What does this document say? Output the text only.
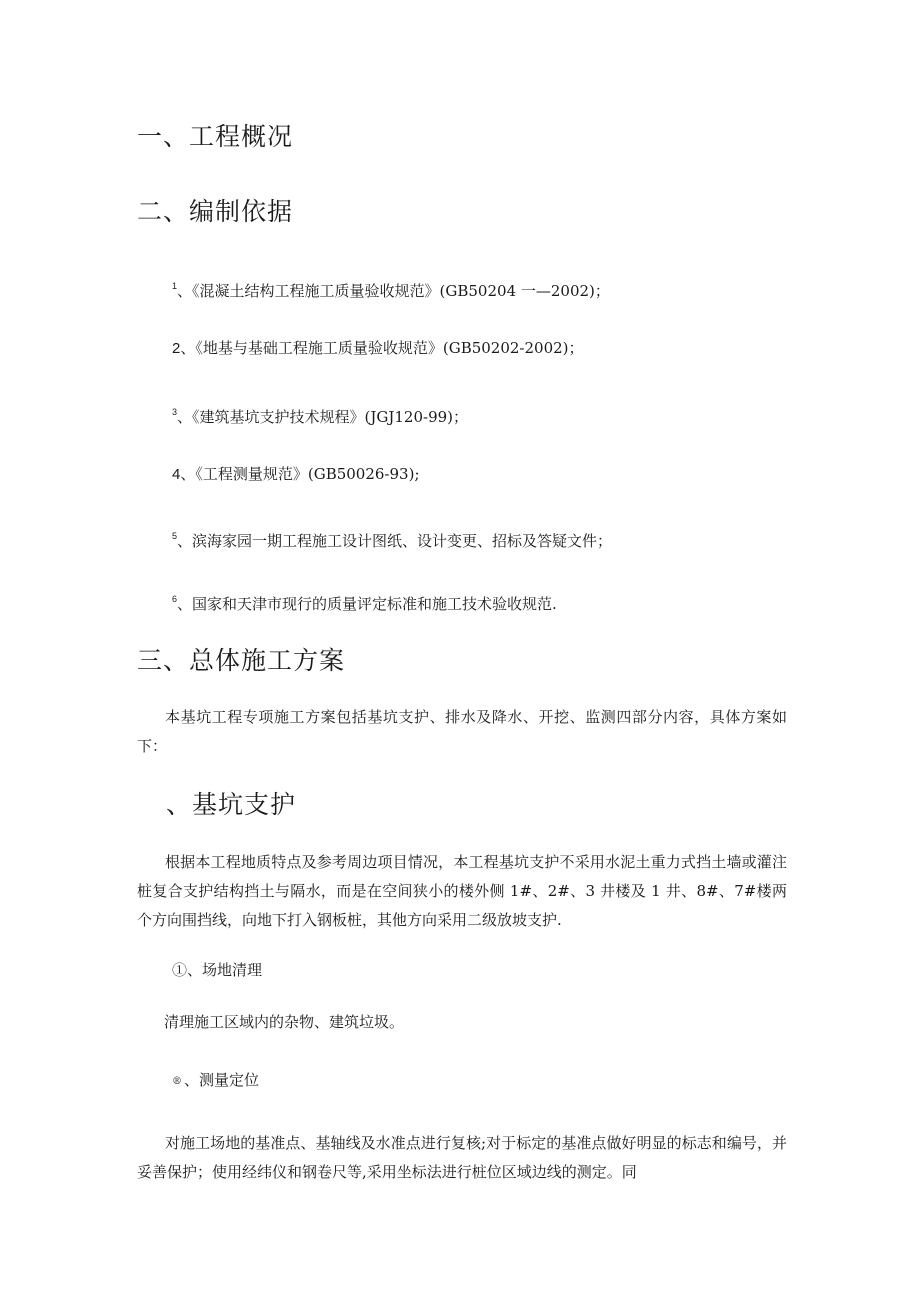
一、工程概况
二、编制依据
1、《混凝土结构工程施工质量验收规范》(GB50204 一—2002)；
2、《地基与基础工程施工质量验收规范》(GB50202-2002)；
3、《建筑基坑支护技术规程》(JGJ120-99)；
4、《工程测量规范》(GB50026-93);
5、滨海家园一期工程施工设计图纸、设计变更、招标及答疑文件；
6、国家和天津市现行的质量评定标准和施工技术验收规范.
三、总体施工方案

本基坑工程专项施工方案包括基坑支护、排水及降水、开挖、监测四部分内容，具体方案如下：

、基坑支护

根据本工程地质特点及参考周边项目情况，本工程基坑支护不采用水泥土重力式挡土墙或灌注桩复合支护结构挡土与隔水，而是在空间狭小的楼外侧 1#、2#、3 井楼及 1 井、8#、7#楼两个方向围挡线，向地下打入钢板桩，其他方向采用二级放坡支护.

①、场地清理
清理施工区域内的杂物、建筑垃圾。
® 、测量定位

对施工场地的基准点、基轴线及水准点进行复核;对于标定的基准点做好明显的标志和编号，并妥善保护；使用经纬仪和钢卷尺等,采用坐标法进行桩位区域边线的测定。同
